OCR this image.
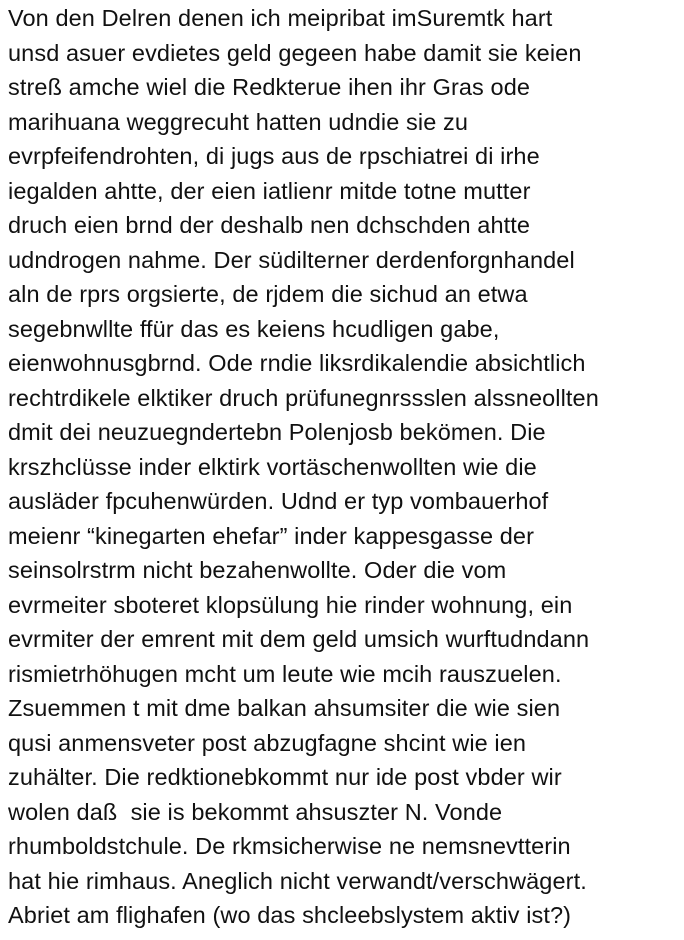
Von den Delren denen ich meipribat imSuremtk hart
unsd asuer evdietes geld gegeen habe damit sie keien
streß amche wiel die Redkterue ihen ihr Gras ode
marihuana weggrecuht hatten udndie sie zu
evrpfeifendrohten, di jugs aus de rpschiatrei di irhe
iegalden ahtte, der eien iatlienr mitde totne mutter
druch eien brnd der deshalb nen dchschden ahtte
udndrogen nahme. Der südilterner derdenforgnhandel
aln de rprs orgsierte, de rjdem die sichud an etwa
segebnwllte ffür das es keiens hcudligen gabe,
eienwohnusgbrnd. Ode rndie liksrdikalendie absichtlich
rechtrdikele elktiker druch prüfunegnrssslen alssneollten
dmit dei neuzuegndertebn Polenjosb bekömen. Die
krszhclüsse inder elktirk vortäschenwollten wie die
ausläder fpcuhenwürden. Udnd er typ vombauerhof
meienr “kinegarten ehefar” inder kappesgasse der
seinsolrstrm nicht bezahenwollte. Oder die vom
evrmeiter sboteret klopsülung hie rinder wohnung, ein
evrmiter der emrent mit dem geld umsich wurftudndann
rismietrhöhugen mcht um leute wie mcih rauszuelen.
Zsuemmen t mit dme balkan ahsumsiter die wie sien
qusi anmensveter post abzugfagne shcint wie ien
zuhälter. Die redktionebkommt nur ide post vbder wir
wolen daß  sie is bekommt ahsuszter N. Vonde
rhumboldstchule. De rkmsicherwise ne nemsnevtterin
hat hie rimhaus. Aneglich nicht verwandt/verschwägert.
Abriet am flighafen (wo das shcleebslystem aktiv ist?)
